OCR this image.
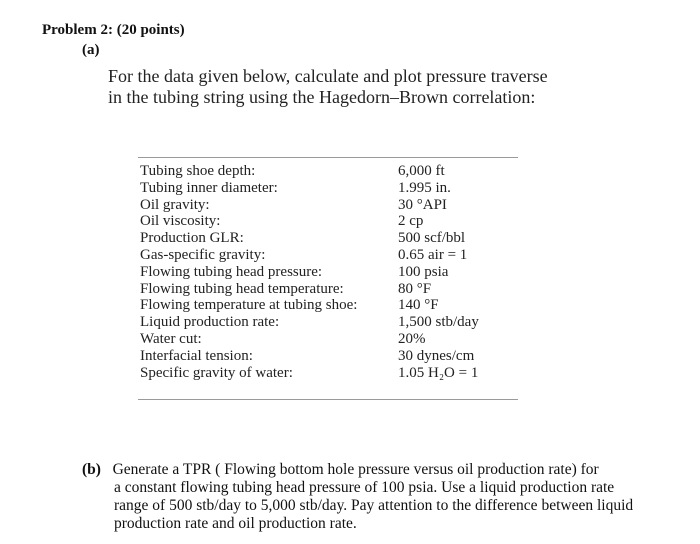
Problem 2: (20 points)
(a)
For the data given below, calculate and plot pressure traverse in the tubing string using the Hagedorn–Brown correlation:
Tubing shoe depth:	6,000 ft
Tubing inner diameter:	1.995 in.
Oil gravity:	30 °API
Oil viscosity:	2 cp
Production GLR:	500 scf/bbl
Gas-specific gravity:	0.65 air = 1
Flowing tubing head pressure:	100 psia
Flowing tubing head temperature:	80 °F
Flowing temperature at tubing shoe:	140 °F
Liquid production rate:	1,500 stb/day
Water cut:	20%
Interfacial tension:	30 dynes/cm
Specific gravity of water:	1.05 H₂O = 1
(b) Generate a TPR ( Flowing bottom hole pressure versus oil production rate) for
a constant flowing tubing head pressure of 100 psia. Use a liquid production rate range of 500 stb/day to 5,000 stb/day. Pay attention to the difference between liquid production rate and oil production rate.
